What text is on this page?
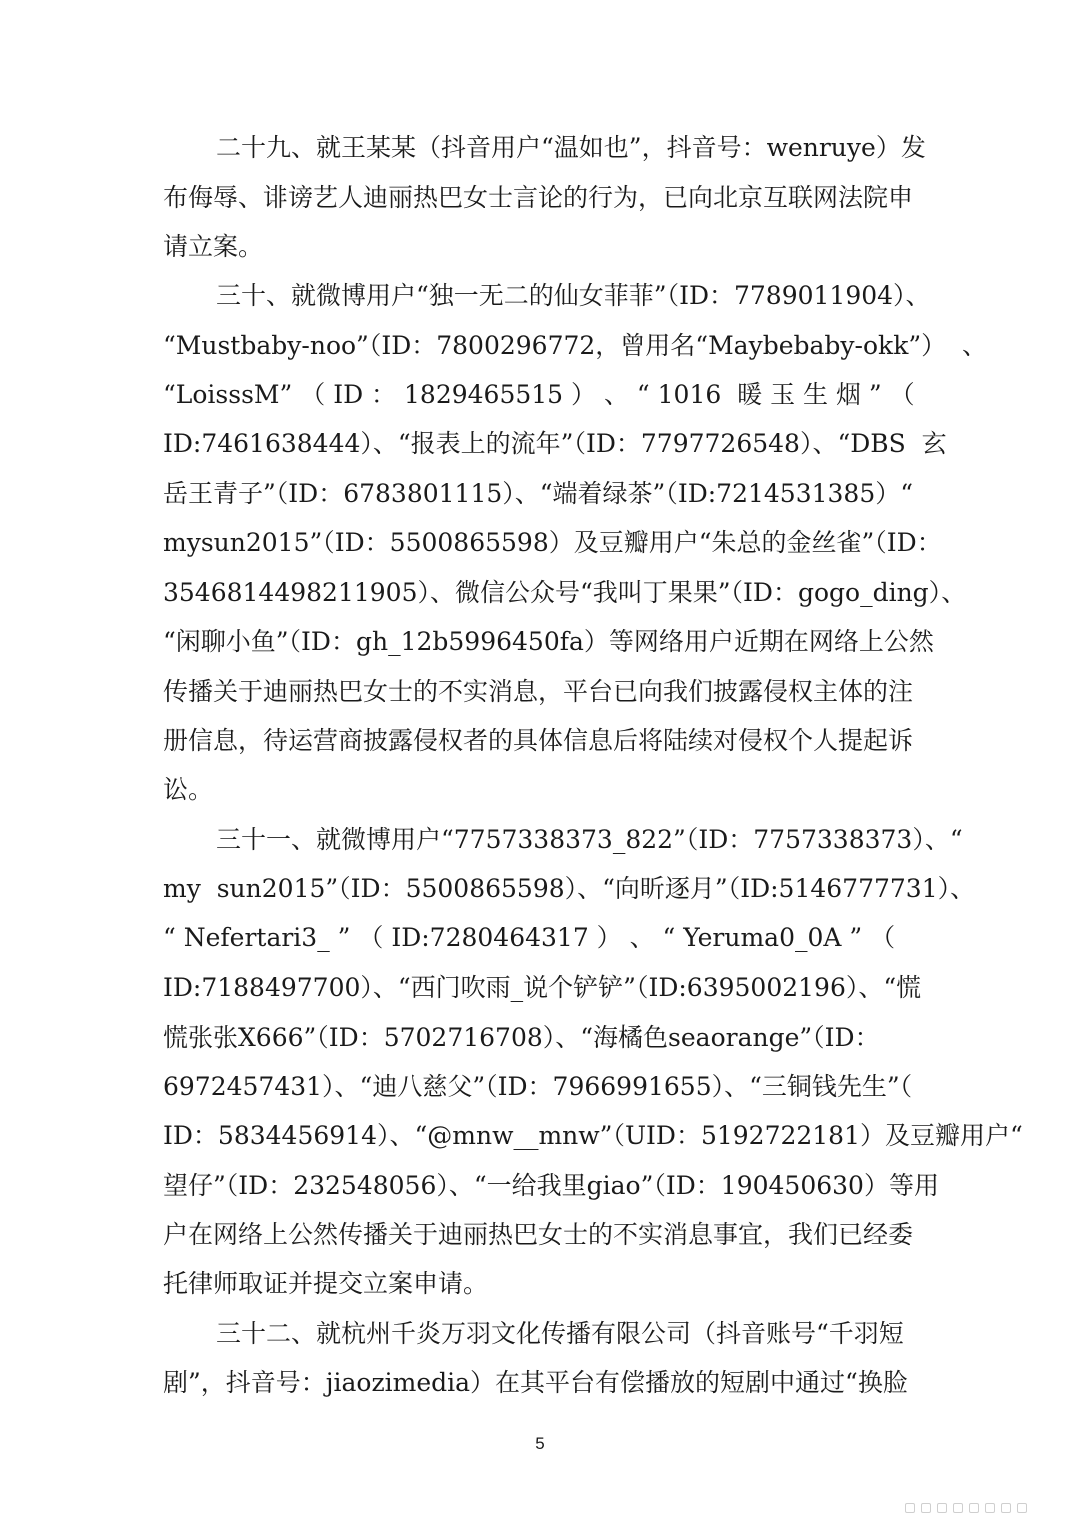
二十九、就王某某（抖音用户“温如也”，抖音号：wenruye）发
布侮辱、诽谤艺人迪丽热巴女士言论的行为，已向北京互联网法院申
请立案。
三十、就微博用户“独一无二的仙女菲菲”（ID：7789011904）、
“Mustbaby-noo”（ID：7800296772，曾用名“Maybebaby-okk”）  、
“LoisssM” （ ID ： 1829465515 ） 、 “ 1016  暖 玉 生 烟 ” （
ID:7461638444）、“报表上的流年”（ID：7797726548）、“DBS  玄
岳王青子”（ID：6783801115）、“端着绿茶”（ID:7214531385）“
mysun2015”（ID：5500865598）及豆瓣用户“朱总的金丝雀”（ID：
3546814498211905）、微信公众号“我叫丁果果”（ID：gogo_ding）、
“闲聊小鱼”（ID：gh_12b5996450fa）等网络用户近期在网络上公然
传播关于迪丽热巴女士的不实消息，平台已向我们披露侵权主体的注
册信息，待运营商披露侵权者的具体信息后将陆续对侵权个人提起诉
讼。
三十一、就微博用户“7757338373_822”（ID：7757338373）、“
my  sun2015”（ID：5500865598）、“向昕逐月”（ID:5146777731）、
“ Nefertari3_ ” （ ID:7280464317 ） 、 “ Yeruma0_0A ” （
ID:7188497700）、“西门吹雨_说个铲铲”（ID:6395002196）、“慌
慌张张X666”（ID：5702716708）、“海橘色seaorange”（ID：
6972457431）、“迪八慈父”（ID：7966991655）、“三铜钱先生”（
ID：5834456914）、“@mnw__mnw”（UID：5192722181）及豆瓣用户“
望仔”（ID：232548056）、“一给我里giao”（ID：190450630）等用
户在网络上公然传播关于迪丽热巴女士的不实消息事宜，我们已经委
托律师取证并提交立案申请。
三十二、就杭州千炎万羽文化传播有限公司（抖音账号“千羽短
剧”，抖音号：jiaozimedia）在其平台有偿播放的短剧中通过“换脸
5
